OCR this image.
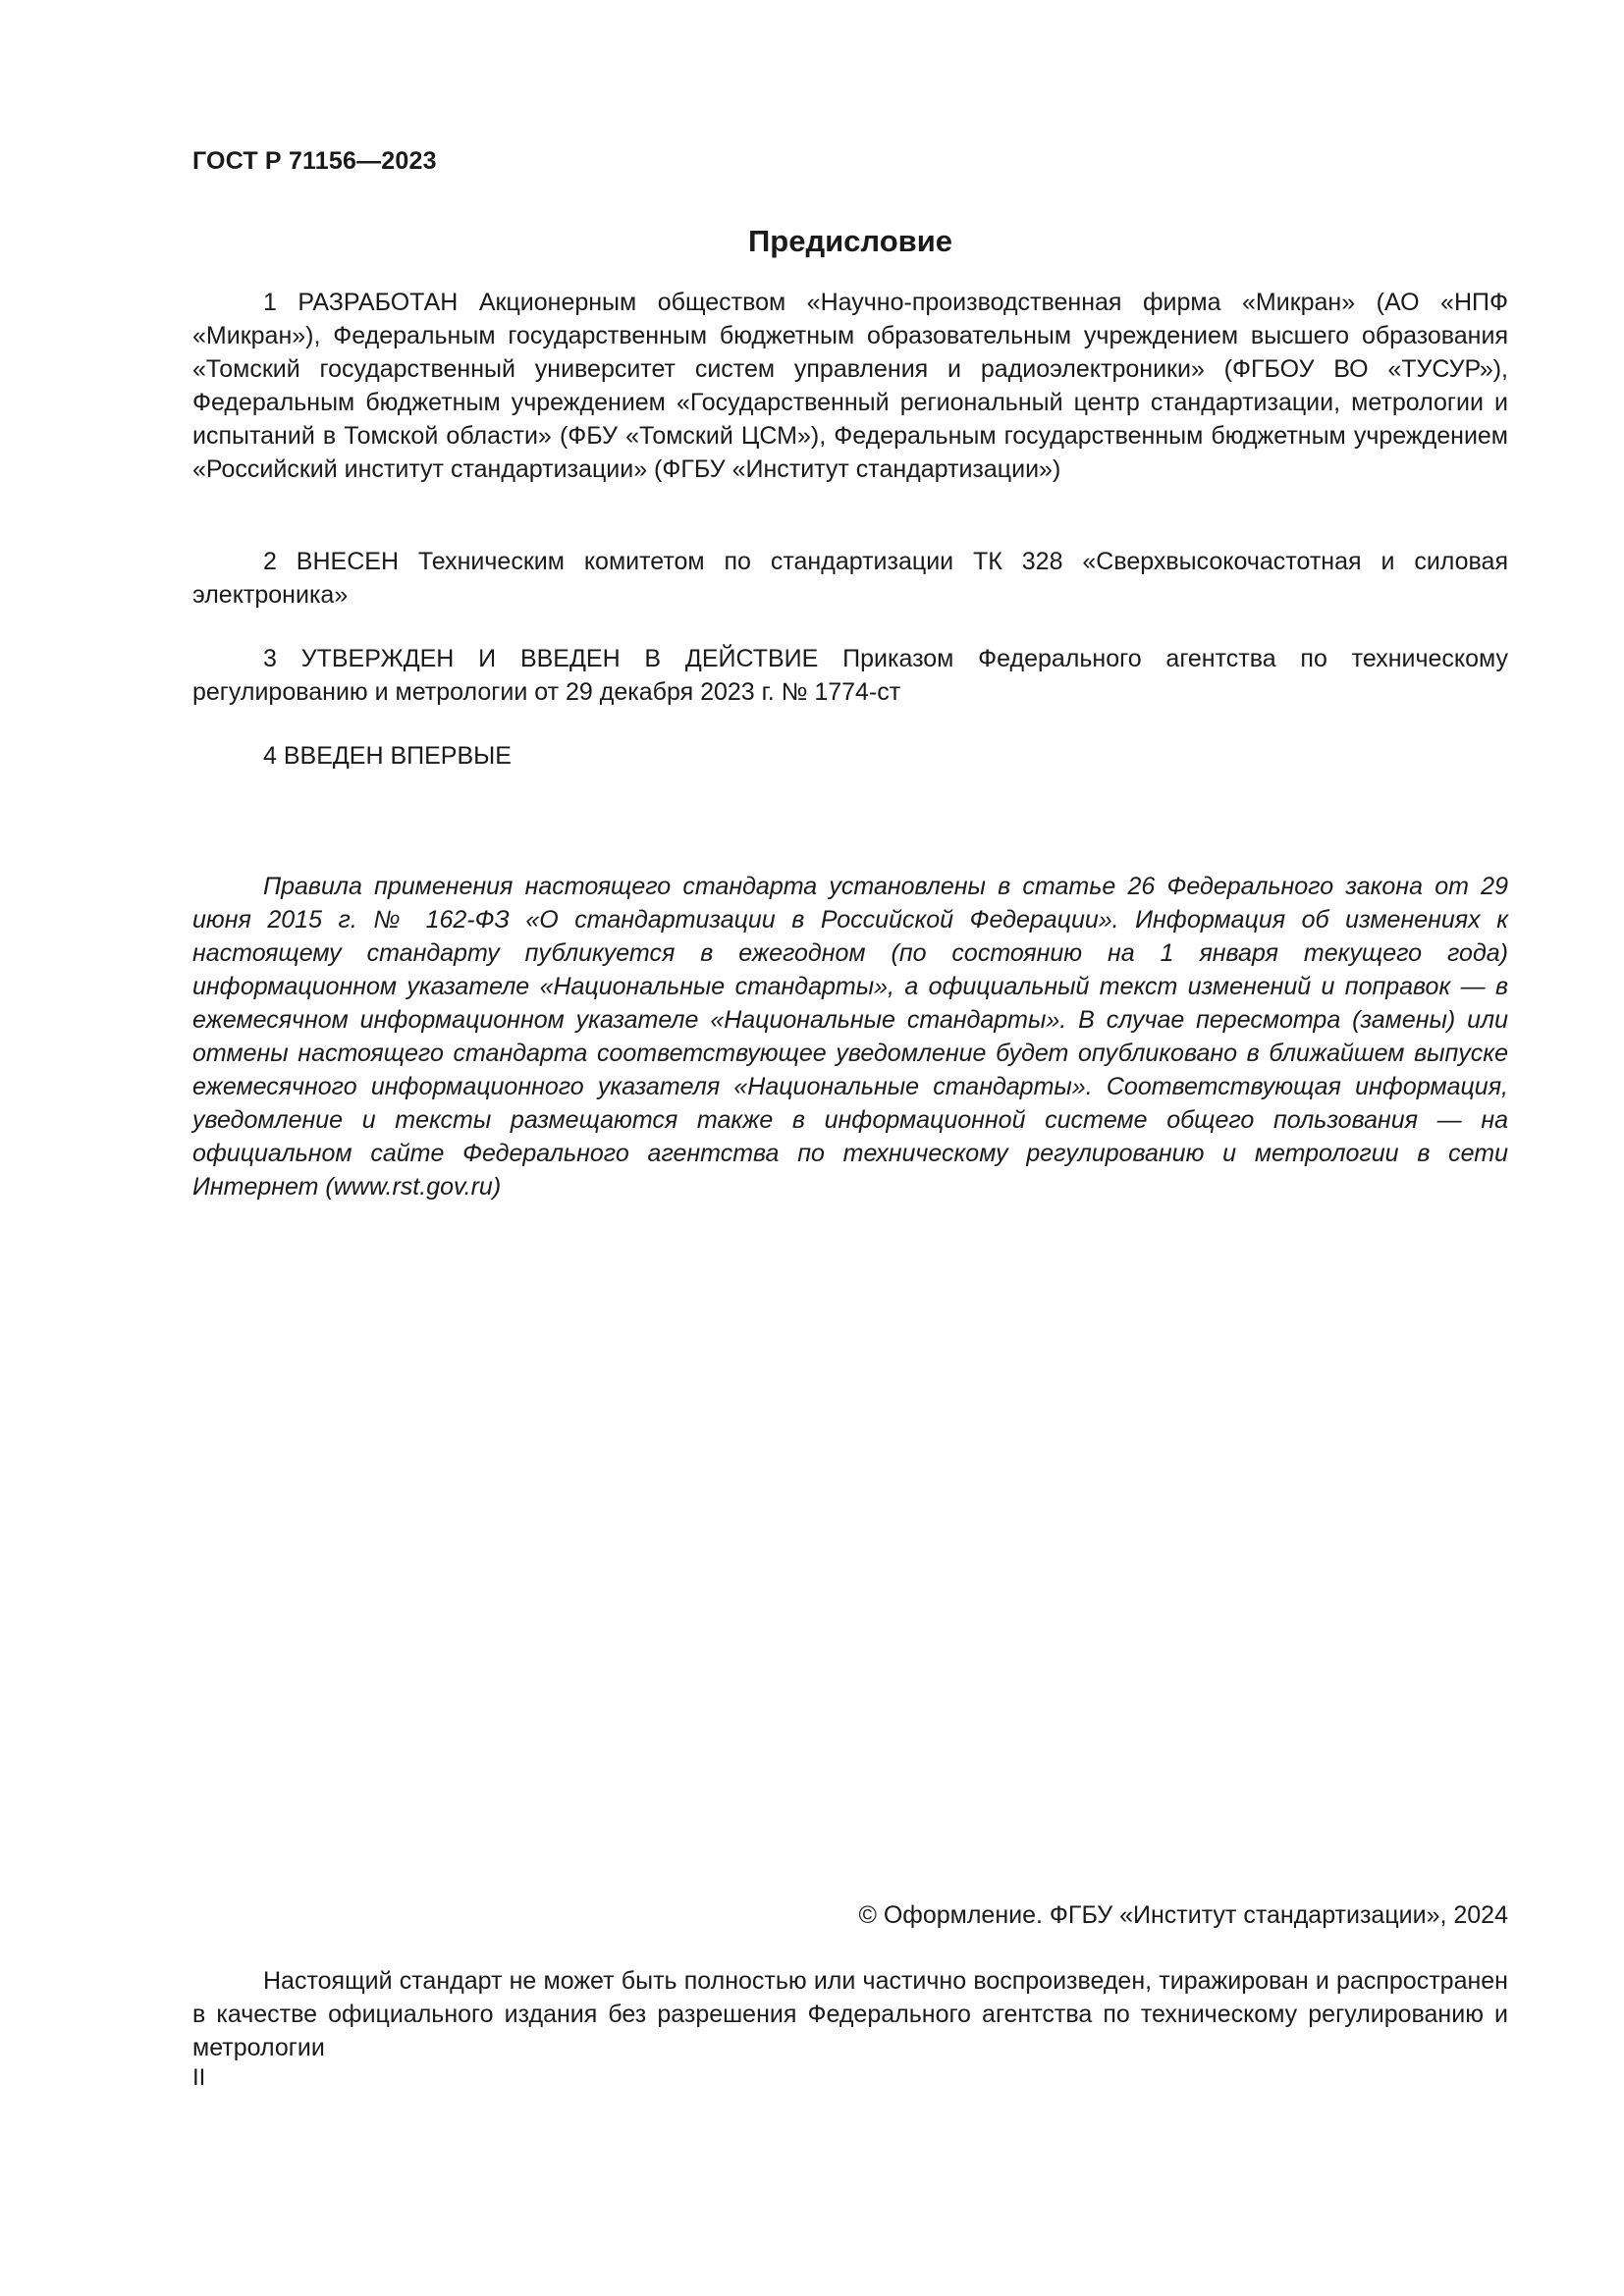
ГОСТ Р 71156—2023
Предисловие

1 РАЗРАБОТАН Акционерным обществом «Научно-производственная фирма «Микран» (АО «НПФ «Микран»), Федеральным государственным бюджетным образовательным учреждением высшего образования «Томский государственный университет систем управления и радиоэлектроники» (ФГБОУ ВО «ТУСУР»), Федеральным бюджетным учреждением «Государственный региональный центр стандартизации, метрологии и испытаний в Томской области» (ФБУ «Томский ЦСМ»), Федеральным государственным бюджетным учреждением «Российский институт стандартизации» (ФГБУ «Институт стандартизации»)

2 ВНЕСЕН Техническим комитетом по стандартизации ТК 328 «Сверхвысокочастотная и силовая электроника»

3 УТВЕРЖДЕН И ВВЕДЕН В ДЕЙСТВИЕ Приказом Федерального агентства по техническому регулированию и метрологии от 29 декабря 2023 г. № 1774-ст

4 ВВЕДЕН ВПЕРВЫЕ

Правила применения настоящего стандарта установлены в статье 26 Федерального закона от 29 июня 2015 г. № 162-ФЗ «О стандартизации в Российской Федерации». Информация об изменениях к настоящему стандарту публикуется в ежегодном (по состоянию на 1 января текущего года) информационном указателе «Национальные стандарты», а официальный текст изменений и поправок — в ежемесячном информационном указателе «Национальные стандарты». В случае пересмотра (замены) или отмены настоящего стандарта соответствующее уведомление будет опубликовано в ближайшем выпуске ежемесячного информационного указателя «Национальные стандарты». Соответствующая информация, уведомление и тексты размещаются также в информационной системе общего пользования — на официальном сайте Федерального агентства по техническому регулированию и метрологии в сети Интернет (www.rst.gov.ru)

© Оформление. ФГБУ «Институт стандартизации», 2024

Настоящий стандарт не может быть полностью или частично воспроизведен, тиражирован и распространен в качестве официального издания без разрешения Федерального агентства по техническому регулированию и метрологии

II
